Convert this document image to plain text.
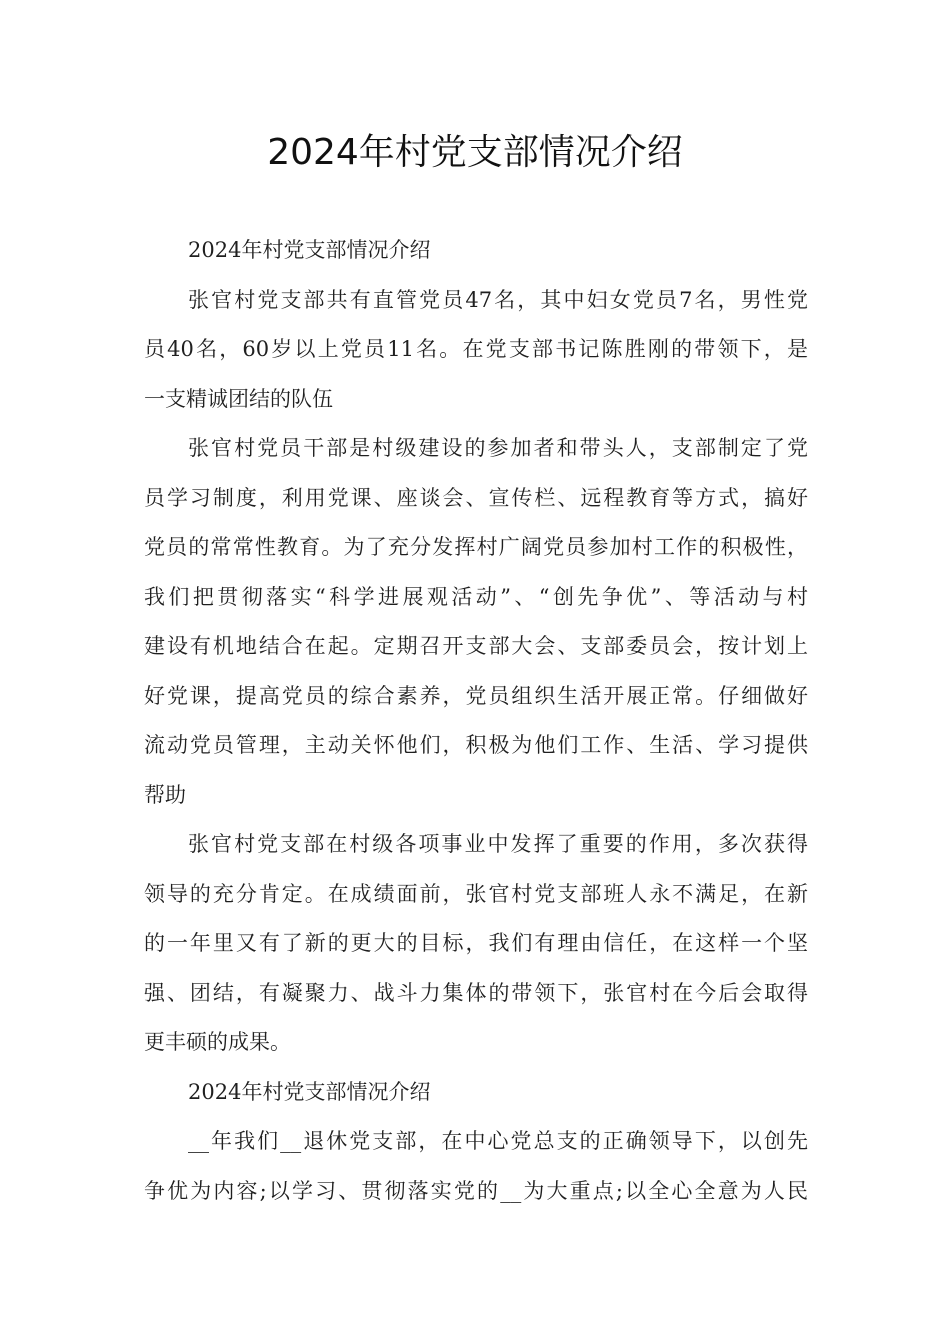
2024年村党支部情况介绍
2024年村党支部情况介绍
张官村党支部共有直管党员47名，其中妇女党员7名，男性党
员40名，60岁以上党员11名。在党支部书记陈胜刚的带领下，是
一支精诚团结的队伍
张官村党员干部是村级建设的参加者和带头人，支部制定了党
员学习制度，利用党课、座谈会、宣传栏、远程教育等方式，搞好
党员的常常性教育。为了充分发挥村广阔党员参加村工作的积极性，
我们把贯彻落实“科学进展观活动”、“创先争优”、等活动与村
建设有机地结合在起。定期召开支部大会、支部委员会，按计划上
好党课，提高党员的综合素养，党员组织生活开展正常。仔细做好
流动党员管理，主动关怀他们，积极为他们工作、生活、学习提供
帮助
张官村党支部在村级各项事业中发挥了重要的作用，多次获得
领导的充分肯定。在成绩面前，张官村党支部班人永不满足，在新
的一年里又有了新的更大的目标，我们有理由信任，在这样一个坚
强、团结，有凝聚力、战斗力集体的带领下，张官村在今后会取得
更丰硕的成果。
2024年村党支部情况介绍
__年我们__退休党支部，在中心党总支的正确领导下，以创先
争优为内容;以学习、贯彻落实党的__为大重点;以全心全意为人民
